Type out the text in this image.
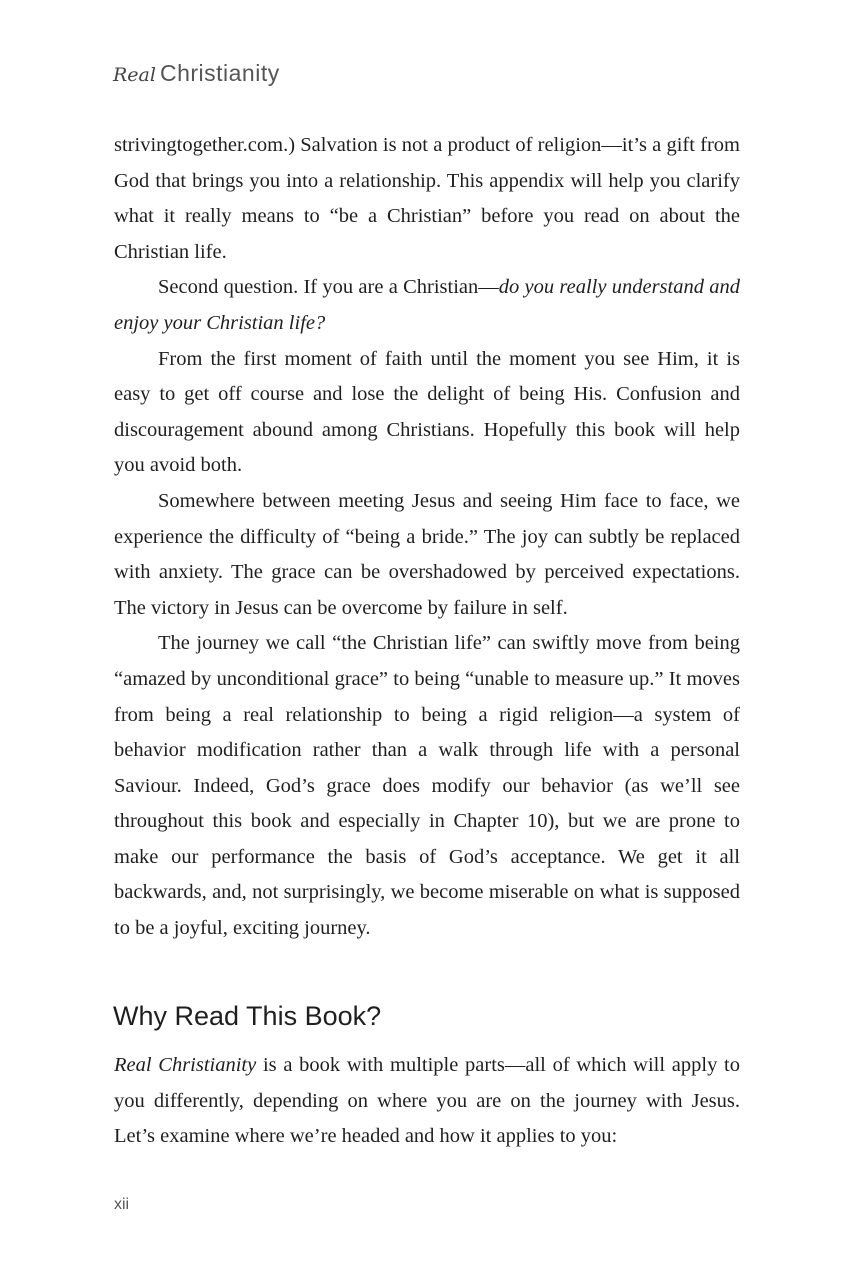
Real Christianity

strivingtogether.com.) Salvation is not a product of religion—it’s a gift from God that brings you into a relationship. This appendix will help you clarify what it really means to “be a Christian” before you read on about the Christian life.

Second question. If you are a Christian—do you really understand and enjoy your Christian life?

From the first moment of faith until the moment you see Him, it is easy to get off course and lose the delight of being His. Confusion and discouragement abound among Christians. Hopefully this book will help you avoid both.

Somewhere between meeting Jesus and seeing Him face to face, we experience the difficulty of “being a bride.” The joy can subtly be replaced with anxiety. The grace can be overshadowed by perceived expectations. The victory in Jesus can be overcome by failure in self.

The journey we call “the Christian life” can swiftly move from being “amazed by unconditional grace” to being “unable to measure up.” It moves from being a real relationship to being a rigid religion—a system of behavior modification rather than a walk through life with a personal Saviour. Indeed, God’s grace does modify our behavior (as we’ll see throughout this book and especially in Chapter 10), but we are prone to make our performance the basis of God’s acceptance. We get it all backwards, and, not surprisingly, we become miserable on what is supposed to be a joyful, exciting journey.

Why Read This Book?

Real Christianity is a book with multiple parts—all of which will apply to you differently, depending on where you are on the journey with Jesus. Let’s examine where we’re headed and how it applies to you:

xii
